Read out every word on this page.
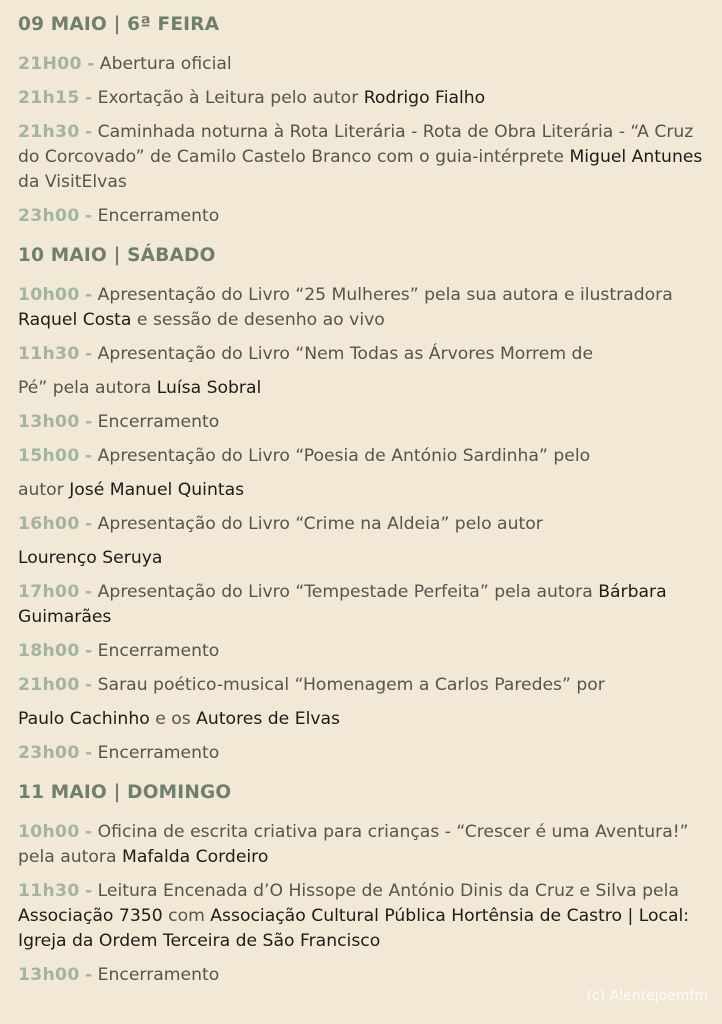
09 MAIO | 6ª FEIRA
21H00 - Abertura oficial
21h15 - Exortação à Leitura pelo autor Rodrigo Fialho
21h30 - Caminhada noturna à Rota Literária - Rota de Obra Literária - “A Cruz do Corcovado” de Camilo Castelo Branco com o guia-intérprete Miguel Antunes da VisitElvas
23h00 - Encerramento
10 MAIO | SÁBADO
10h00 - Apresentação do Livro “25 Mulheres” pela sua autora e ilustradora Raquel Costa e sessão de desenho ao vivo
11h30 - Apresentação do Livro “Nem Todas as Árvores Morrem de
Pé” pela autora Luísa Sobral
13h00 - Encerramento
15h00 - Apresentação do Livro “Poesia de António Sardinha” pelo
autor José Manuel Quintas
16h00 - Apresentação do Livro “Crime na Aldeia” pelo autor
Lourenço Seruya
17h00 - Apresentação do Livro “Tempestade Perfeita” pela autora Bárbara Guimarães
18h00 - Encerramento
21h00 - Sarau poético-musical “Homenagem a Carlos Paredes” por
Paulo Cachinho e os Autores de Elvas
23h00 - Encerramento
11 MAIO | DOMINGO
10h00 - Oficina de escrita criativa para crianças - “Crescer é uma Aventura!” pela autora Mafalda Cordeiro
11h30 - Leitura Encenada d’O Hissope de António Dinis da Cruz e Silva pela Associação 7350 com Associação Cultural Pública Hortênsia de Castro | Local: Igreja da Ordem Terceira de São Francisco
13h00 - Encerramento
(c) Alentejoemfm
